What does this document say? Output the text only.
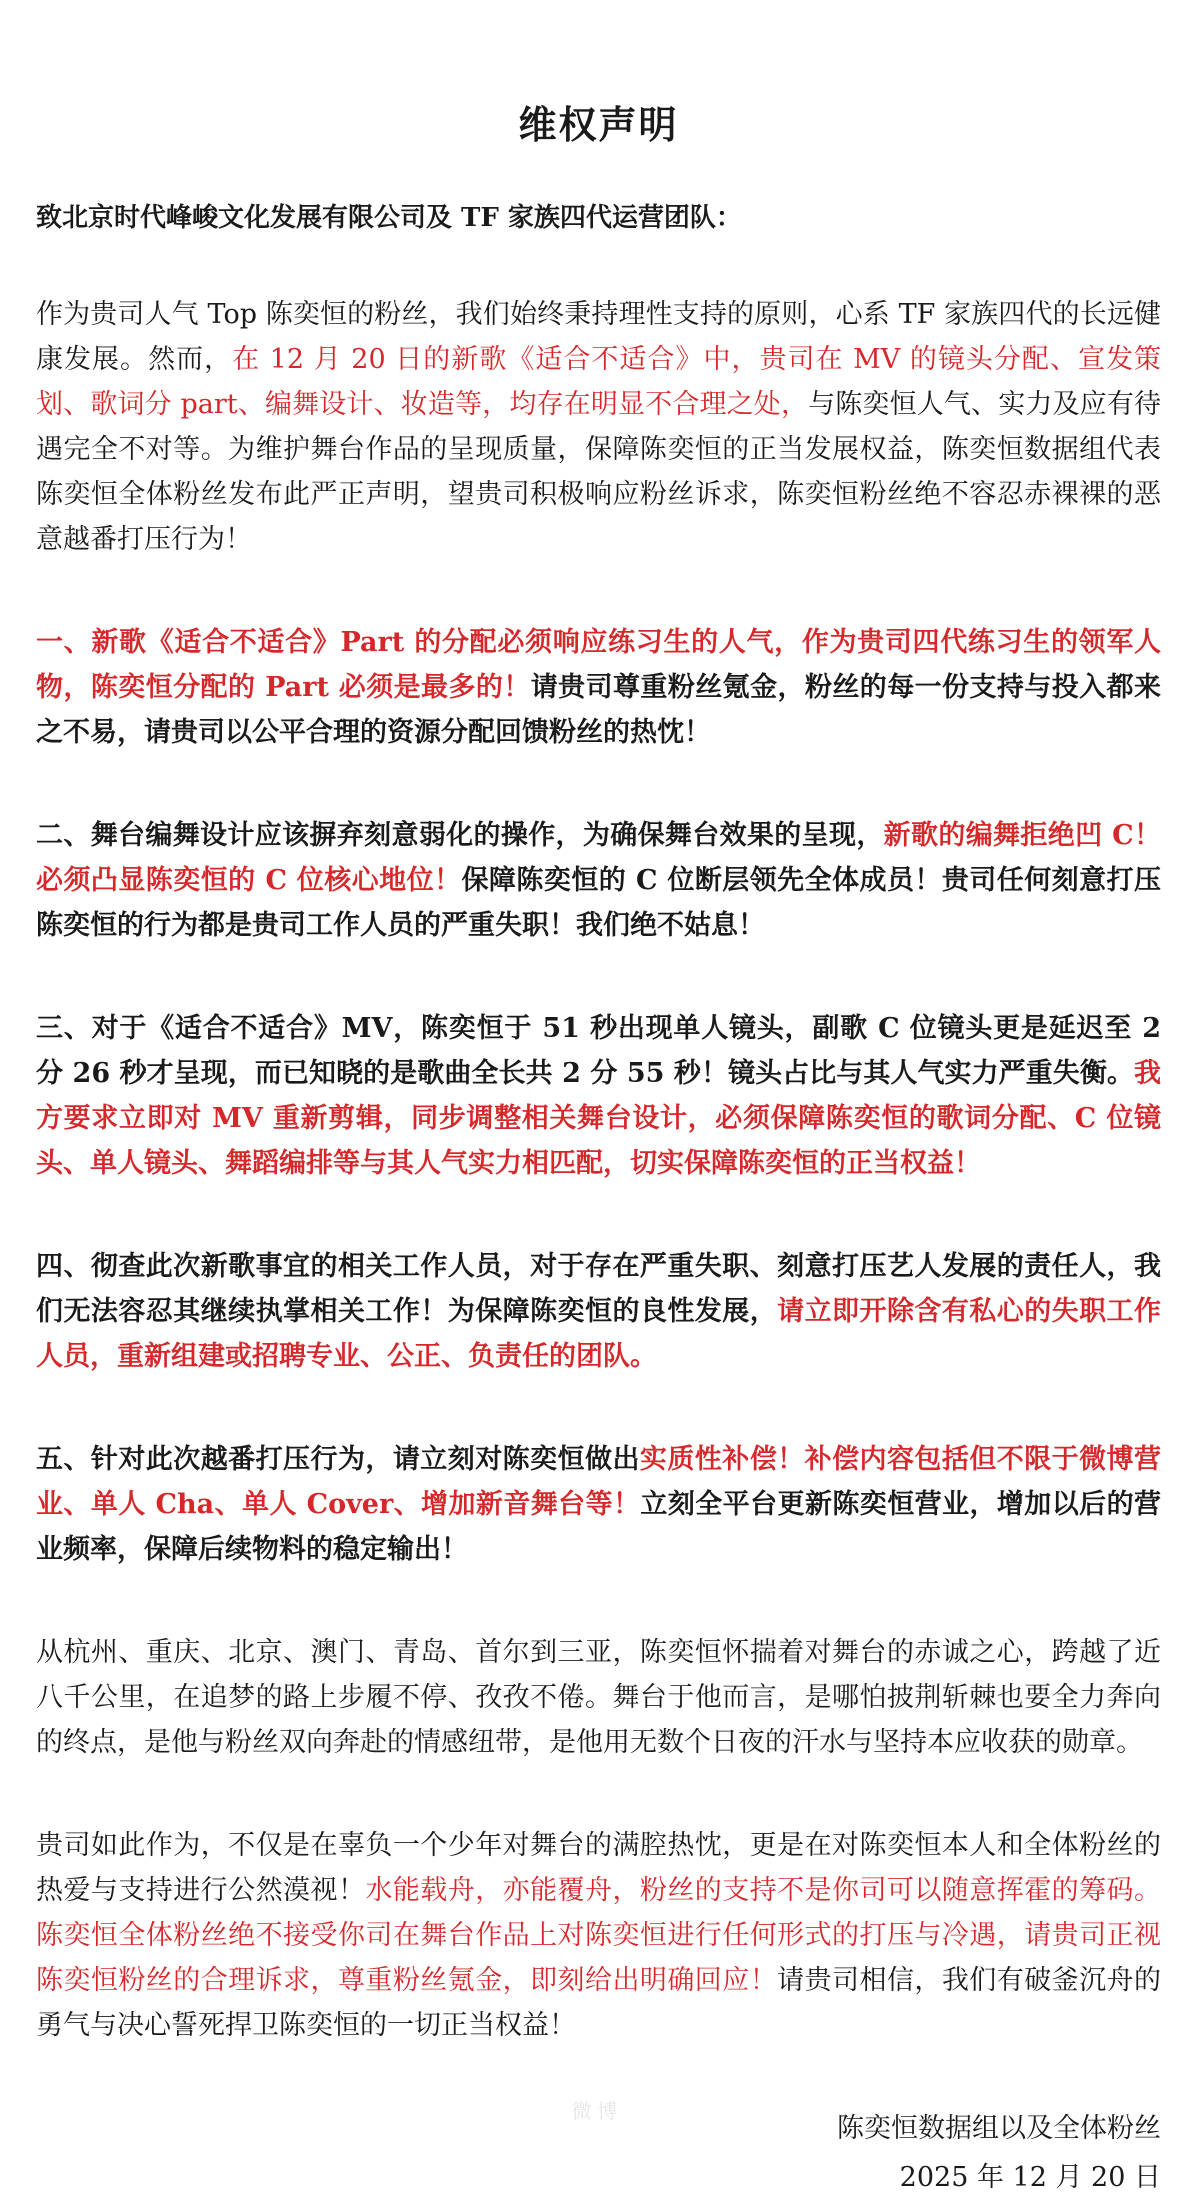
维权声明
致北京时代峰峻文化发展有限公司及 TF 家族四代运营团队：

作为贵司人气 Top 陈奕恒的粉丝，我们始终秉持理性支持的原则，心系 TF 家族四代的长远健康发展。然而，在 12 月 20 日的新歌《适合不适合》中，贵司在 MV 的镜头分配、宣发策划、歌词分 part、编舞设计、妆造等，均存在明显不合理之处，与陈奕恒人气、实力及应有待遇完全不对等。为维护舞台作品的呈现质量，保障陈奕恒的正当发展权益，陈奕恒数据组代表陈奕恒全体粉丝发布此严正声明，望贵司积极响应粉丝诉求，陈奕恒粉丝绝不容忍赤裸裸的恶意越番打压行为！

一、新歌《适合不适合》Part 的分配必须响应练习生的人气，作为贵司四代练习生的领军人物，陈奕恒分配的 Part 必须是最多的！请贵司尊重粉丝氪金，粉丝的每一份支持与投入都来之不易，请贵司以公平合理的资源分配回馈粉丝的热忱！

二、舞台编舞设计应该摒弃刻意弱化的操作，为确保舞台效果的呈现，新歌的编舞拒绝凹 C！必须凸显陈奕恒的 C 位核心地位！保障陈奕恒的 C 位断层领先全体成员！贵司任何刻意打压陈奕恒的行为都是贵司工作人员的严重失职！我们绝不姑息！

三、对于《适合不适合》MV，陈奕恒于 51 秒出现单人镜头，副歌 C 位镜头更是延迟至 2 分 26 秒才呈现，而已知晓的是歌曲全长共 2 分 55 秒！镜头占比与其人气实力严重失衡。我方要求立即对 MV 重新剪辑，同步调整相关舞台设计，必须保障陈奕恒的歌词分配、C 位镜头、单人镜头、舞蹈编排等与其人气实力相匹配，切实保障陈奕恒的正当权益！

四、彻查此次新歌事宜的相关工作人员，对于存在严重失职、刻意打压艺人发展的责任人，我们无法容忍其继续执掌相关工作！为保障陈奕恒的良性发展，请立即开除含有私心的失职工作人员，重新组建或招聘专业、公正、负责任的团队。

五、针对此次越番打压行为，请立刻对陈奕恒做出实质性补偿！补偿内容包括但不限于微博营业、单人 Cha、单人 Cover、增加新音舞台等！立刻全平台更新陈奕恒营业，增加以后的营业频率，保障后续物料的稳定输出！

从杭州、重庆、北京、澳门、青岛、首尔到三亚，陈奕恒怀揣着对舞台的赤诚之心，跨越了近八千公里，在追梦的路上步履不停、孜孜不倦。舞台于他而言，是哪怕披荆斩棘也要全力奔向的终点，是他与粉丝双向奔赴的情感纽带，是他用无数个日夜的汗水与坚持本应收获的勋章。

贵司如此作为，不仅是在辜负一个少年对舞台的满腔热忱，更是在对陈奕恒本人和全体粉丝的热爱与支持进行公然漠视！水能载舟，亦能覆舟，粉丝的支持不是你司可以随意挥霍的筹码。陈奕恒全体粉丝绝不接受你司在舞台作品上对陈奕恒进行任何形式的打压与冷遇，请贵司正视陈奕恒粉丝的合理诉求，尊重粉丝氪金，即刻给出明确回应！请贵司相信，我们有破釜沉舟的勇气与决心誓死捍卫陈奕恒的一切正当权益！

陈奕恒数据组以及全体粉丝
2025 年 12 月 20 日
微博
